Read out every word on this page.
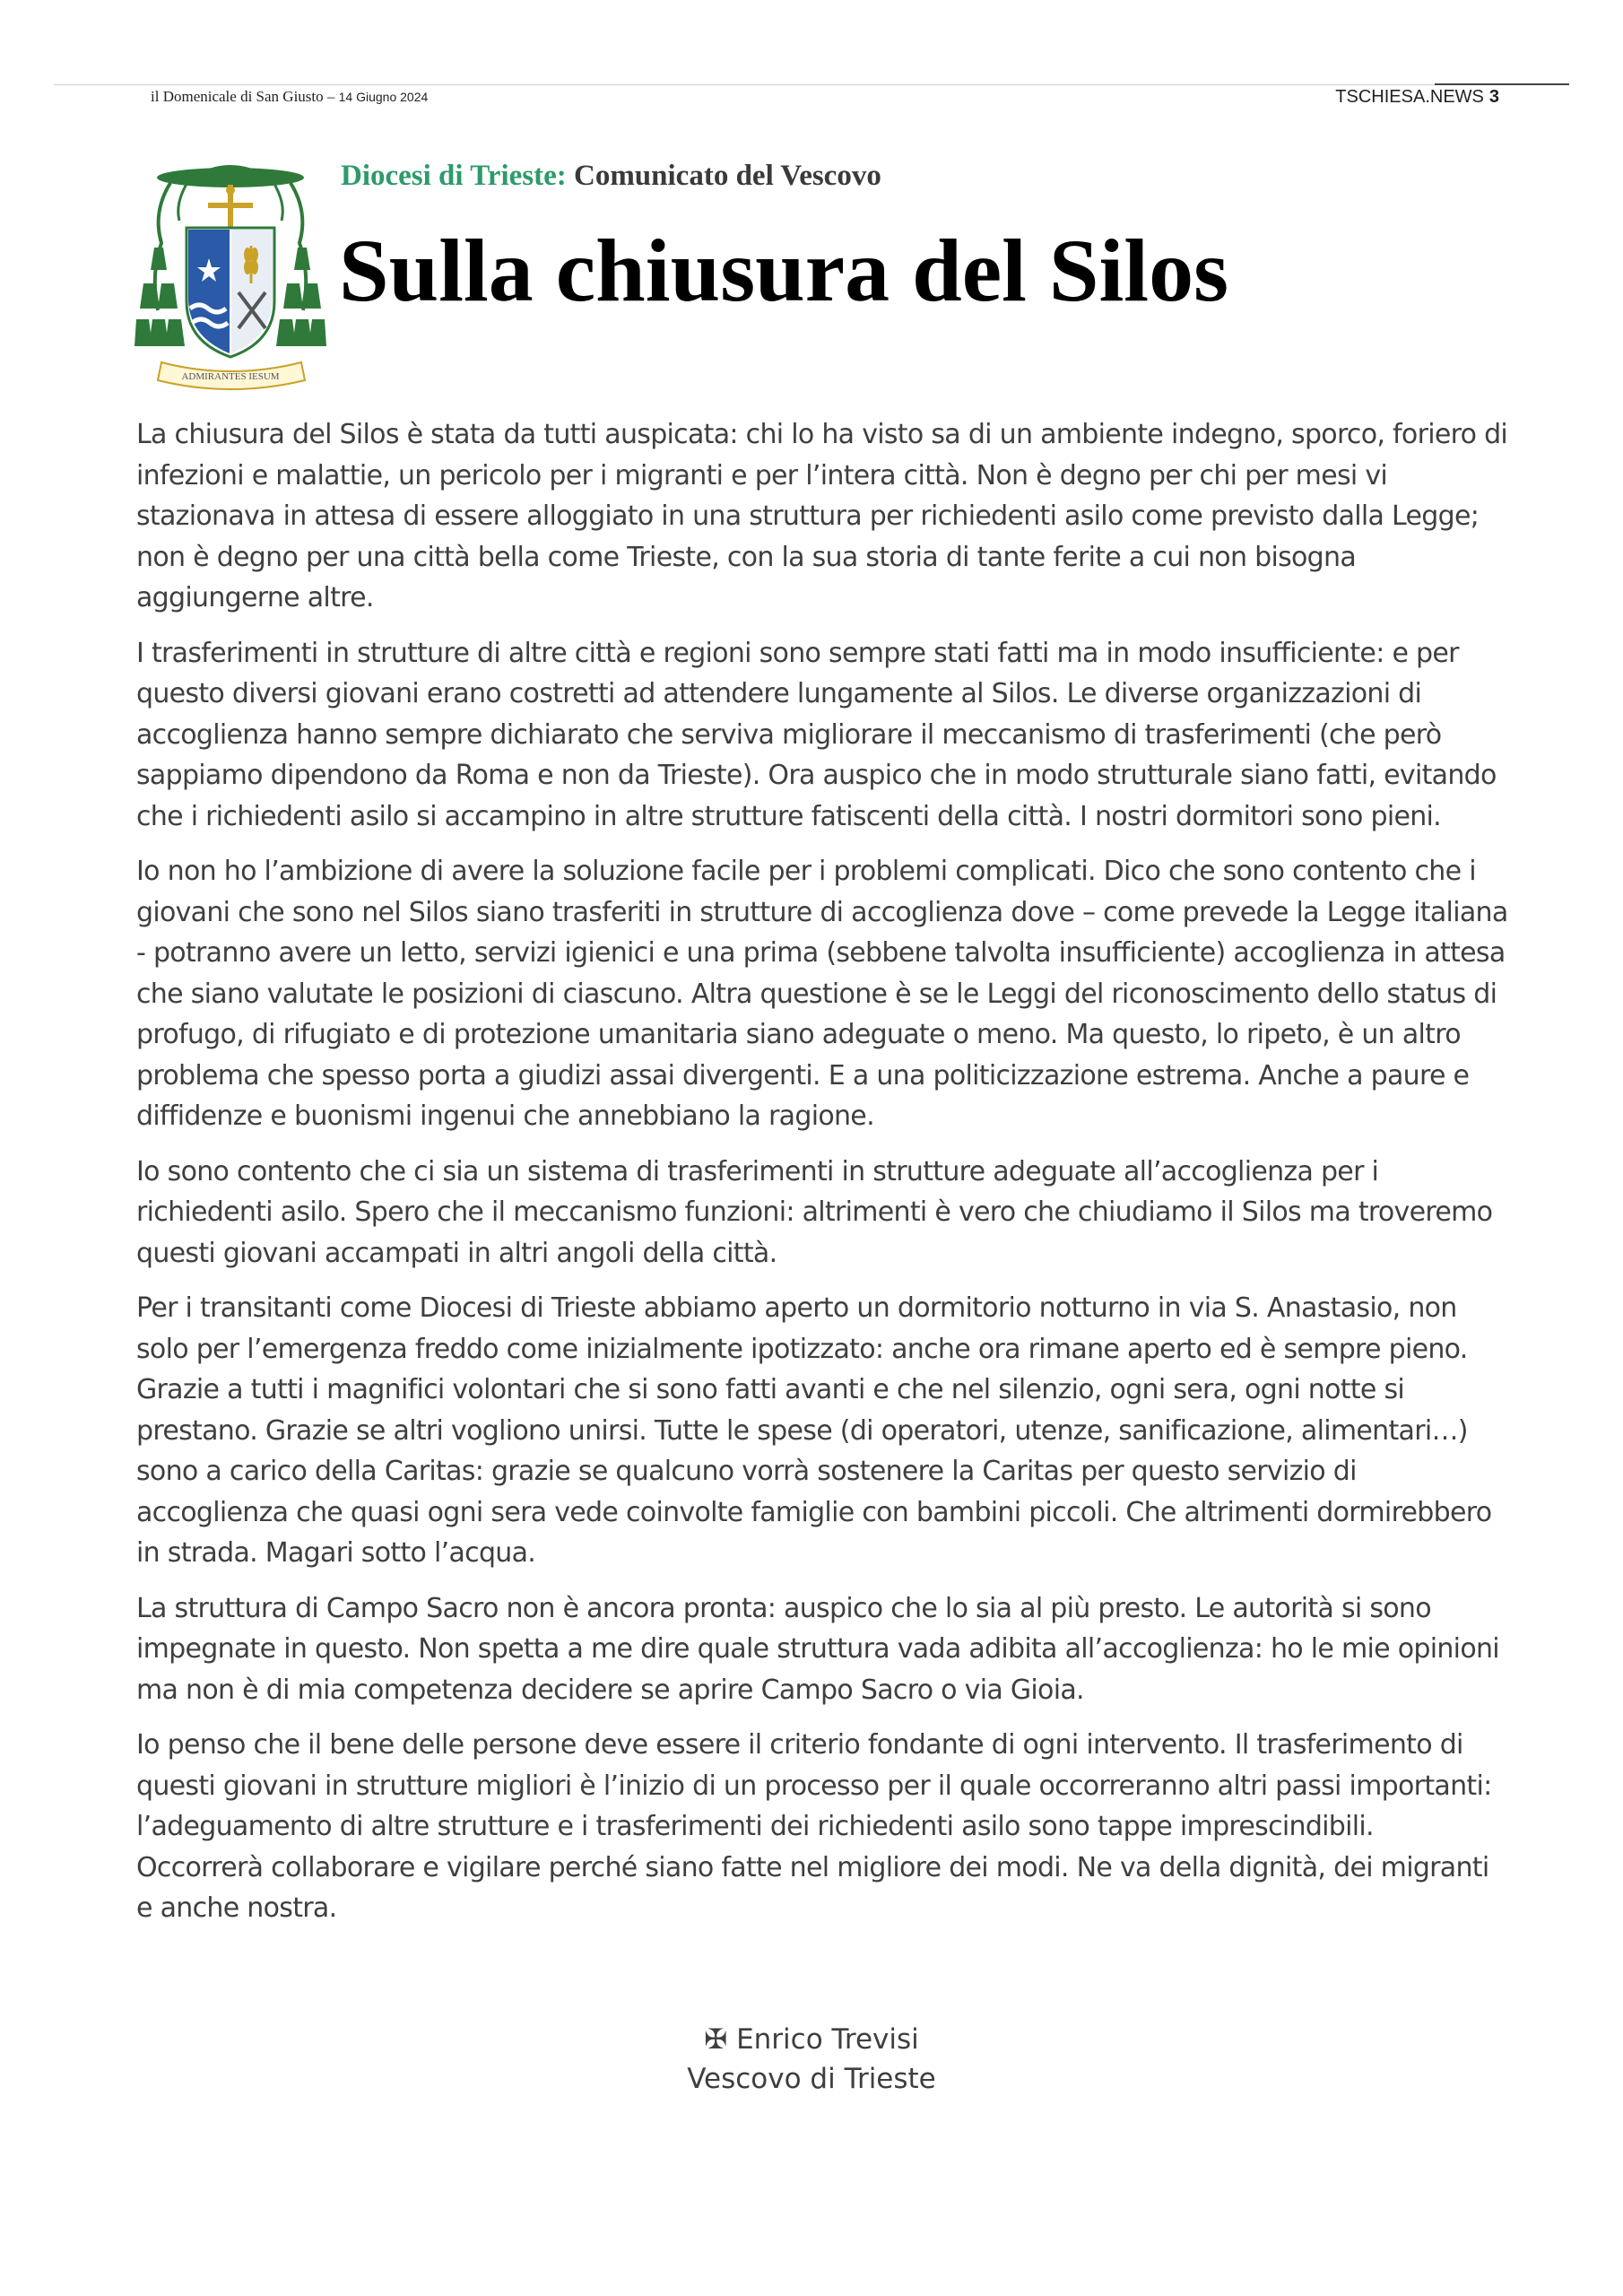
il Domenicale di San Giusto – 14 Giugno 2024	TSCHIESA.NEWS 3
ADMIRANTES IESUM
Diocesi di Trieste: Comunicato del Vescovo
Sulla chiusura del Silos

La chiusura del Silos è stata da tutti auspicata: chi lo ha visto sa di un ambiente indegno, sporco, foriero di infezioni e malattie, un pericolo per i migranti e per l’intera città. Non è degno per chi per mesi vi stazionava in attesa di essere alloggiato in una struttura per richiedenti asilo come previsto dalla Legge; non è degno per una città bella come Trieste, con la sua storia di tante ferite a cui non bisogna aggiungerne altre.

I trasferimenti in strutture di altre città e regioni sono sempre stati fatti ma in modo insufficiente: e per questo diversi giovani erano costretti ad attendere lungamente al Silos. Le diverse organizzazioni di accoglienza hanno sempre dichiarato che serviva migliorare il meccanismo di trasferimenti (che però sappiamo dipendono da Roma e non da Trieste). Ora auspico che in modo strutturale siano fatti, evitando che i richiedenti asilo si accampino in altre strutture fatiscenti della città. I nostri dormitori sono pieni.

Io non ho l’ambizione di avere la soluzione facile per i problemi complicati. Dico che sono contento che i giovani che sono nel Silos siano trasferiti in strutture di accoglienza dove – come prevede la Legge italiana - potranno avere un letto, servizi igienici e una prima (sebbene talvolta insufficiente) accoglienza in attesa che siano valutate le posizioni di ciascuno. Altra questione è se le Leggi del riconoscimento dello status di profugo, di rifugiato e di protezione umanitaria siano adeguate o meno. Ma questo, lo ripeto, è un altro problema che spesso porta a giudizi assai divergenti. E a una politicizzazione estrema. Anche a paure e diffidenze e buonismi ingenui che annebbiano la ragione.

Io sono contento che ci sia un sistema di trasferimenti in strutture adeguate all’accoglienza per i richiedenti asilo. Spero che il meccanismo funzioni: altrimenti è vero che chiudiamo il Silos ma troveremo questi giovani accampati in altri angoli della città.

Per i transitanti come Diocesi di Trieste abbiamo aperto un dormitorio notturno in via S. Anastasio, non solo per l’emergenza freddo come inizialmente ipotizzato: anche ora rimane aperto ed è sempre pieno. Grazie a tutti i magnifici volontari che si sono fatti avanti e che nel silenzio, ogni sera, ogni notte si prestano. Grazie se altri vogliono unirsi. Tutte le spese (di operatori, utenze, sanificazione, alimentari…) sono a carico della Caritas: grazie se qualcuno vorrà sostenere la Caritas per questo servizio di accoglienza che quasi ogni sera vede coinvolte famiglie con bambini piccoli. Che altrimenti dormirebbero in strada. Magari sotto l’acqua.

La struttura di Campo Sacro non è ancora pronta: auspico che lo sia al più presto. Le autorità si sono impegnate in questo. Non spetta a me dire quale struttura vada adibita all’accoglienza: ho le mie opinioni ma non è di mia competenza decidere se aprire Campo Sacro o via Gioia.

Io penso che il bene delle persone deve essere il criterio fondante di ogni intervento. Il trasferimento di questi giovani in strutture migliori è l’inizio di un processo per il quale occorreranno altri passi importanti: l’adeguamento di altre strutture e i trasferimenti dei richiedenti asilo sono tappe imprescindibili. Occorrerà collaborare e vigilare perché siano fatte nel migliore dei modi. Ne va della dignità, dei migranti e anche nostra.

✠ Enrico Trevisi
Vescovo di Trieste
